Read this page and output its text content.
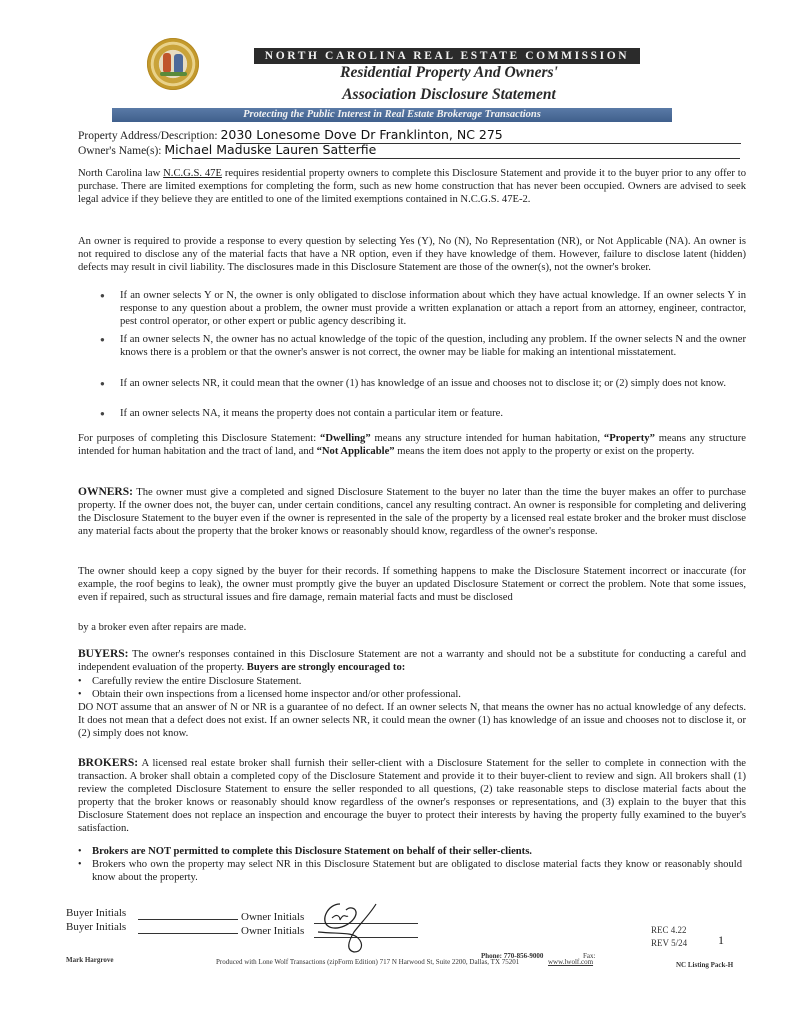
NORTH CAROLINA REAL ESTATE COMMISSION
Residential Property And Owners'
Association Disclosure Statement
Protecting the Public Interest in Real Estate Brokerage Transactions
Property Address/Description: 2030 Lonesome Dove Dr Franklinton, NC 275
Owner's Name(s): Michael Maduske Lauren Satterfie
North Carolina law N.C.G.S. 47E requires residential property owners to complete this Disclosure Statement and provide it to the buyer prior to any offer to purchase. There are limited exemptions for completing the form, such as new home construction that has never been occupied. Owners are advised to seek legal advice if they believe they are entitled to one of the limited exemptions contained in N.C.G.S. 47E-2.
An owner is required to provide a response to every question by selecting Yes (Y), No (N), No Representation (NR), or Not Applicable (NA). An owner is not required to disclose any of the material facts that have a NR option, even if they have knowledge of them. However, failure to disclose latent (hidden) defects may result in civil liability. The disclosures made in this Disclosure Statement are those of the owner(s), not the owner's broker.
● If an owner selects Y or N, the owner is only obligated to disclose information about which they have actual knowledge. If an owner selects Y in response to any question about a problem, the owner must provide a written explanation or attach a report from an attorney, engineer, contractor, pest control operator, or other expert or public agency describing it.
● If an owner selects N, the owner has no actual knowledge of the topic of the question, including any problem. If the owner selects N and the owner knows there is a problem or that the owner's answer is not correct, the owner may be liable for making an intentional misstatement.
● If an owner selects NR, it could mean that the owner (1) has knowledge of an issue and chooses not to disclose it; or (2) simply does not know.
● If an owner selects NA, it means the property does not contain a particular item or feature.
For purposes of completing this Disclosure Statement: “Dwelling” means any structure intended for human habitation, “Property” means any structure intended for human habitation and the tract of land, and “Not Applicable” means the item does not apply to the property or exist on the property.
OWNERS: The owner must give a completed and signed Disclosure Statement to the buyer no later than the time the buyer makes an offer to purchase property. If the owner does not, the buyer can, under certain conditions, cancel any resulting contract. An owner is responsible for completing and delivering the Disclosure Statement to the buyer even if the owner is represented in the sale of the property by a licensed real estate broker and the broker must disclose any material facts about the property that the broker knows or reasonably should know, regardless of the owner's response.
The owner should keep a copy signed by the buyer for their records. If something happens to make the Disclosure Statement incorrect or inaccurate (for example, the roof begins to leak), the owner must promptly give the buyer an updated Disclosure Statement or correct the problem. Note that some issues, even if repaired, such as structural issues and fire damage, remain material facts and must be disclosed
by a broker even after repairs are made.
BUYERS: The owner's responses contained in this Disclosure Statement are not a warranty and should not be a substitute for conducting a careful and independent evaluation of the property. Buyers are strongly encouraged to:
• Carefully review the entire Disclosure Statement.
• Obtain their own inspections from a licensed home inspector and/or other professional.
DO NOT assume that an answer of N or NR is a guarantee of no defect. If an owner selects N, that means the owner has no actual knowledge of any defects. It does not mean that a defect does not exist. If an owner selects NR, it could mean the owner (1) has knowledge of an issue and chooses not to disclose it, or (2) simply does not know.
BROKERS: A licensed real estate broker shall furnish their seller-client with a Disclosure Statement for the seller to complete in connection with the transaction. A broker shall obtain a completed copy of the Disclosure Statement and provide it to their buyer-client to review and sign. All brokers shall (1) review the completed Disclosure Statement to ensure the seller responded to all questions, (2) take reasonable steps to disclose material facts about the property that the broker knows or reasonably should know regardless of the owner's responses or representations, and (3) explain to the buyer that this Disclosure Statement does not replace an inspection and encourage the buyer to protect their interests by having the property fully examined to the buyer's satisfaction.
• Brokers are NOT permitted to complete this Disclosure Statement on behalf of their seller-clients.
• Brokers who own the property may select NR in this Disclosure Statement but are obligated to disclose material facts they know or reasonably should know about the property.
Buyer Initials
Buyer Initials
Owner Initials
Owner Initials	REC 4.22
REV 5/24	1
Mark Hargrove	Produced with Lone Wolf Transactions (zipForm Edition) 717 N Harwood St, Suite 2200, Dallas, TX 75201	www.lwolf.com
Phone: 770-856-9000	Fax:
NC Listing Pack-H
